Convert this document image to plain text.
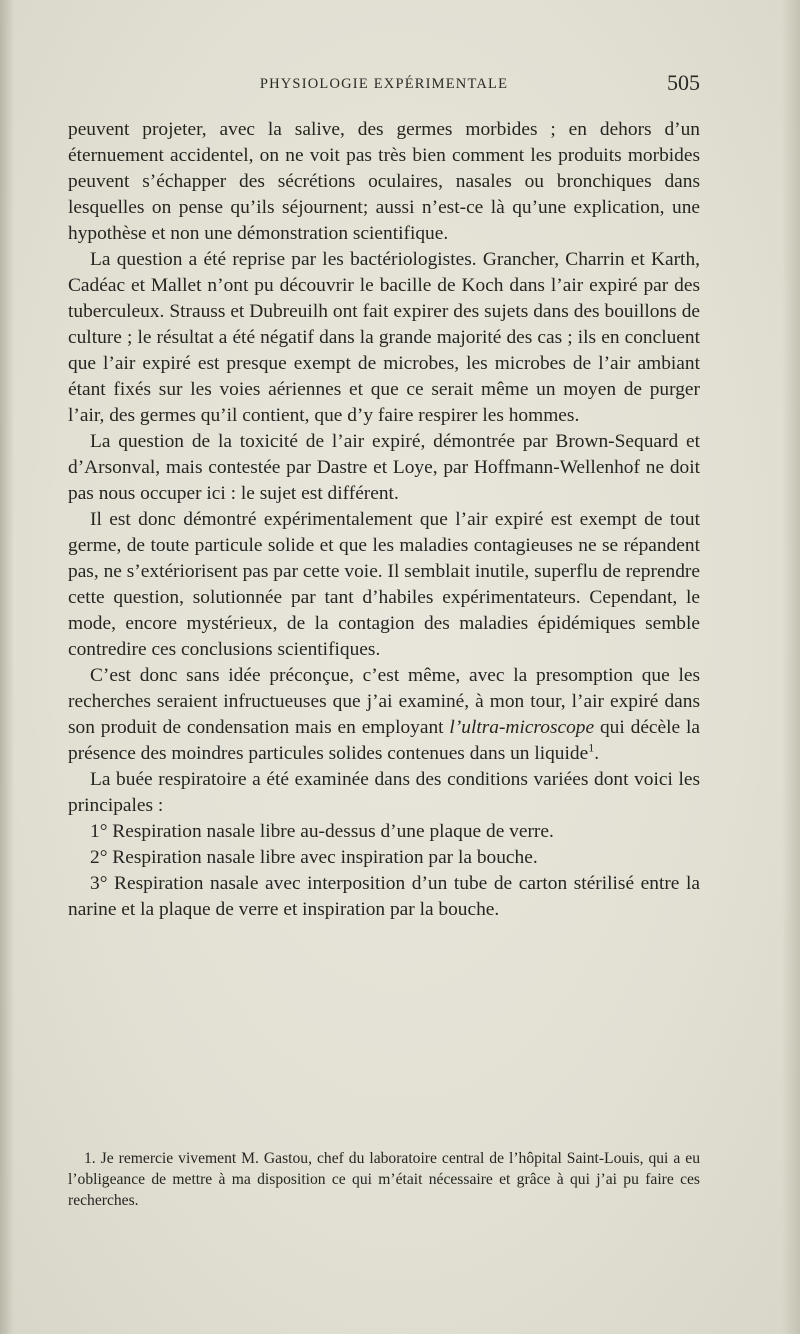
PHYSIOLOGIE EXPÉRIMENTALE	505

peuvent projeter, avec la salive, des germes morbides ; en dehors d’un éternuement accidentel, on ne voit pas très bien comment les produits morbides peuvent s’échapper des sécrétions oculaires, nasales ou bronchiques dans lesquelles on pense qu’ils séjournent; aussi n’est-ce là qu’une explication, une hypothèse et non une démonstration scientifique.

La question a été reprise par les bactériologistes. Grancher, Charrin et Karth, Cadéac et Mallet n’ont pu découvrir le bacille de Koch dans l’air expiré par des tuberculeux. Strauss et Dubreuilh ont fait expirer des sujets dans des bouillons de culture ; le résultat a été négatif dans la grande majorité des cas ; ils en concluent que l’air expiré est presque exempt de microbes, les microbes de l’air ambiant étant fixés sur les voies aériennes et que ce serait même un moyen de purger l’air, des germes qu’il contient, que d’y faire respirer les hommes.

La question de la toxicité de l’air expiré, démontrée par Brown-Sequard et d’Arsonval, mais contestée par Dastre et Loye, par Hoffmann-Wellenhof ne doit pas nous occuper ici : le sujet est différent.

Il est donc démontré expérimentalement que l’air expiré est exempt de tout germe, de toute particule solide et que les maladies contagieuses ne se répandent pas, ne s’extériorisent pas par cette voie. Il semblait inutile, superflu de reprendre cette question, solutionnée par tant d’habiles expérimentateurs. Cependant, le mode, encore mystérieux, de la contagion des maladies épidémiques semble contredire ces conclusions scientifiques.

C’est donc sans idée préconçue, c’est même, avec la presomption que les recherches seraient infructueuses que j’ai examiné, à mon tour, l’air expiré dans son produit de condensation mais en employant l’ultra-microscope qui décèle la présence des moindres particules solides contenues dans un liquide$^1$.

La buée respiratoire a été examinée dans des conditions variées dont voici les principales :

1° Respiration nasale libre au-dessus d’une plaque de verre.

2° Respiration nasale libre avec inspiration par la bouche.

3° Respiration nasale avec interposition d’un tube de carton stérilisé entre la narine et la plaque de verre et inspiration par la bouche.

1. Je remercie vivement M. Gastou, chef du laboratoire central de l’hôpital Saint-Louis, qui a eu l’obligeance de mettre à ma disposition ce qui m’était nécessaire et grâce à qui j’ai pu faire ces recherches.
